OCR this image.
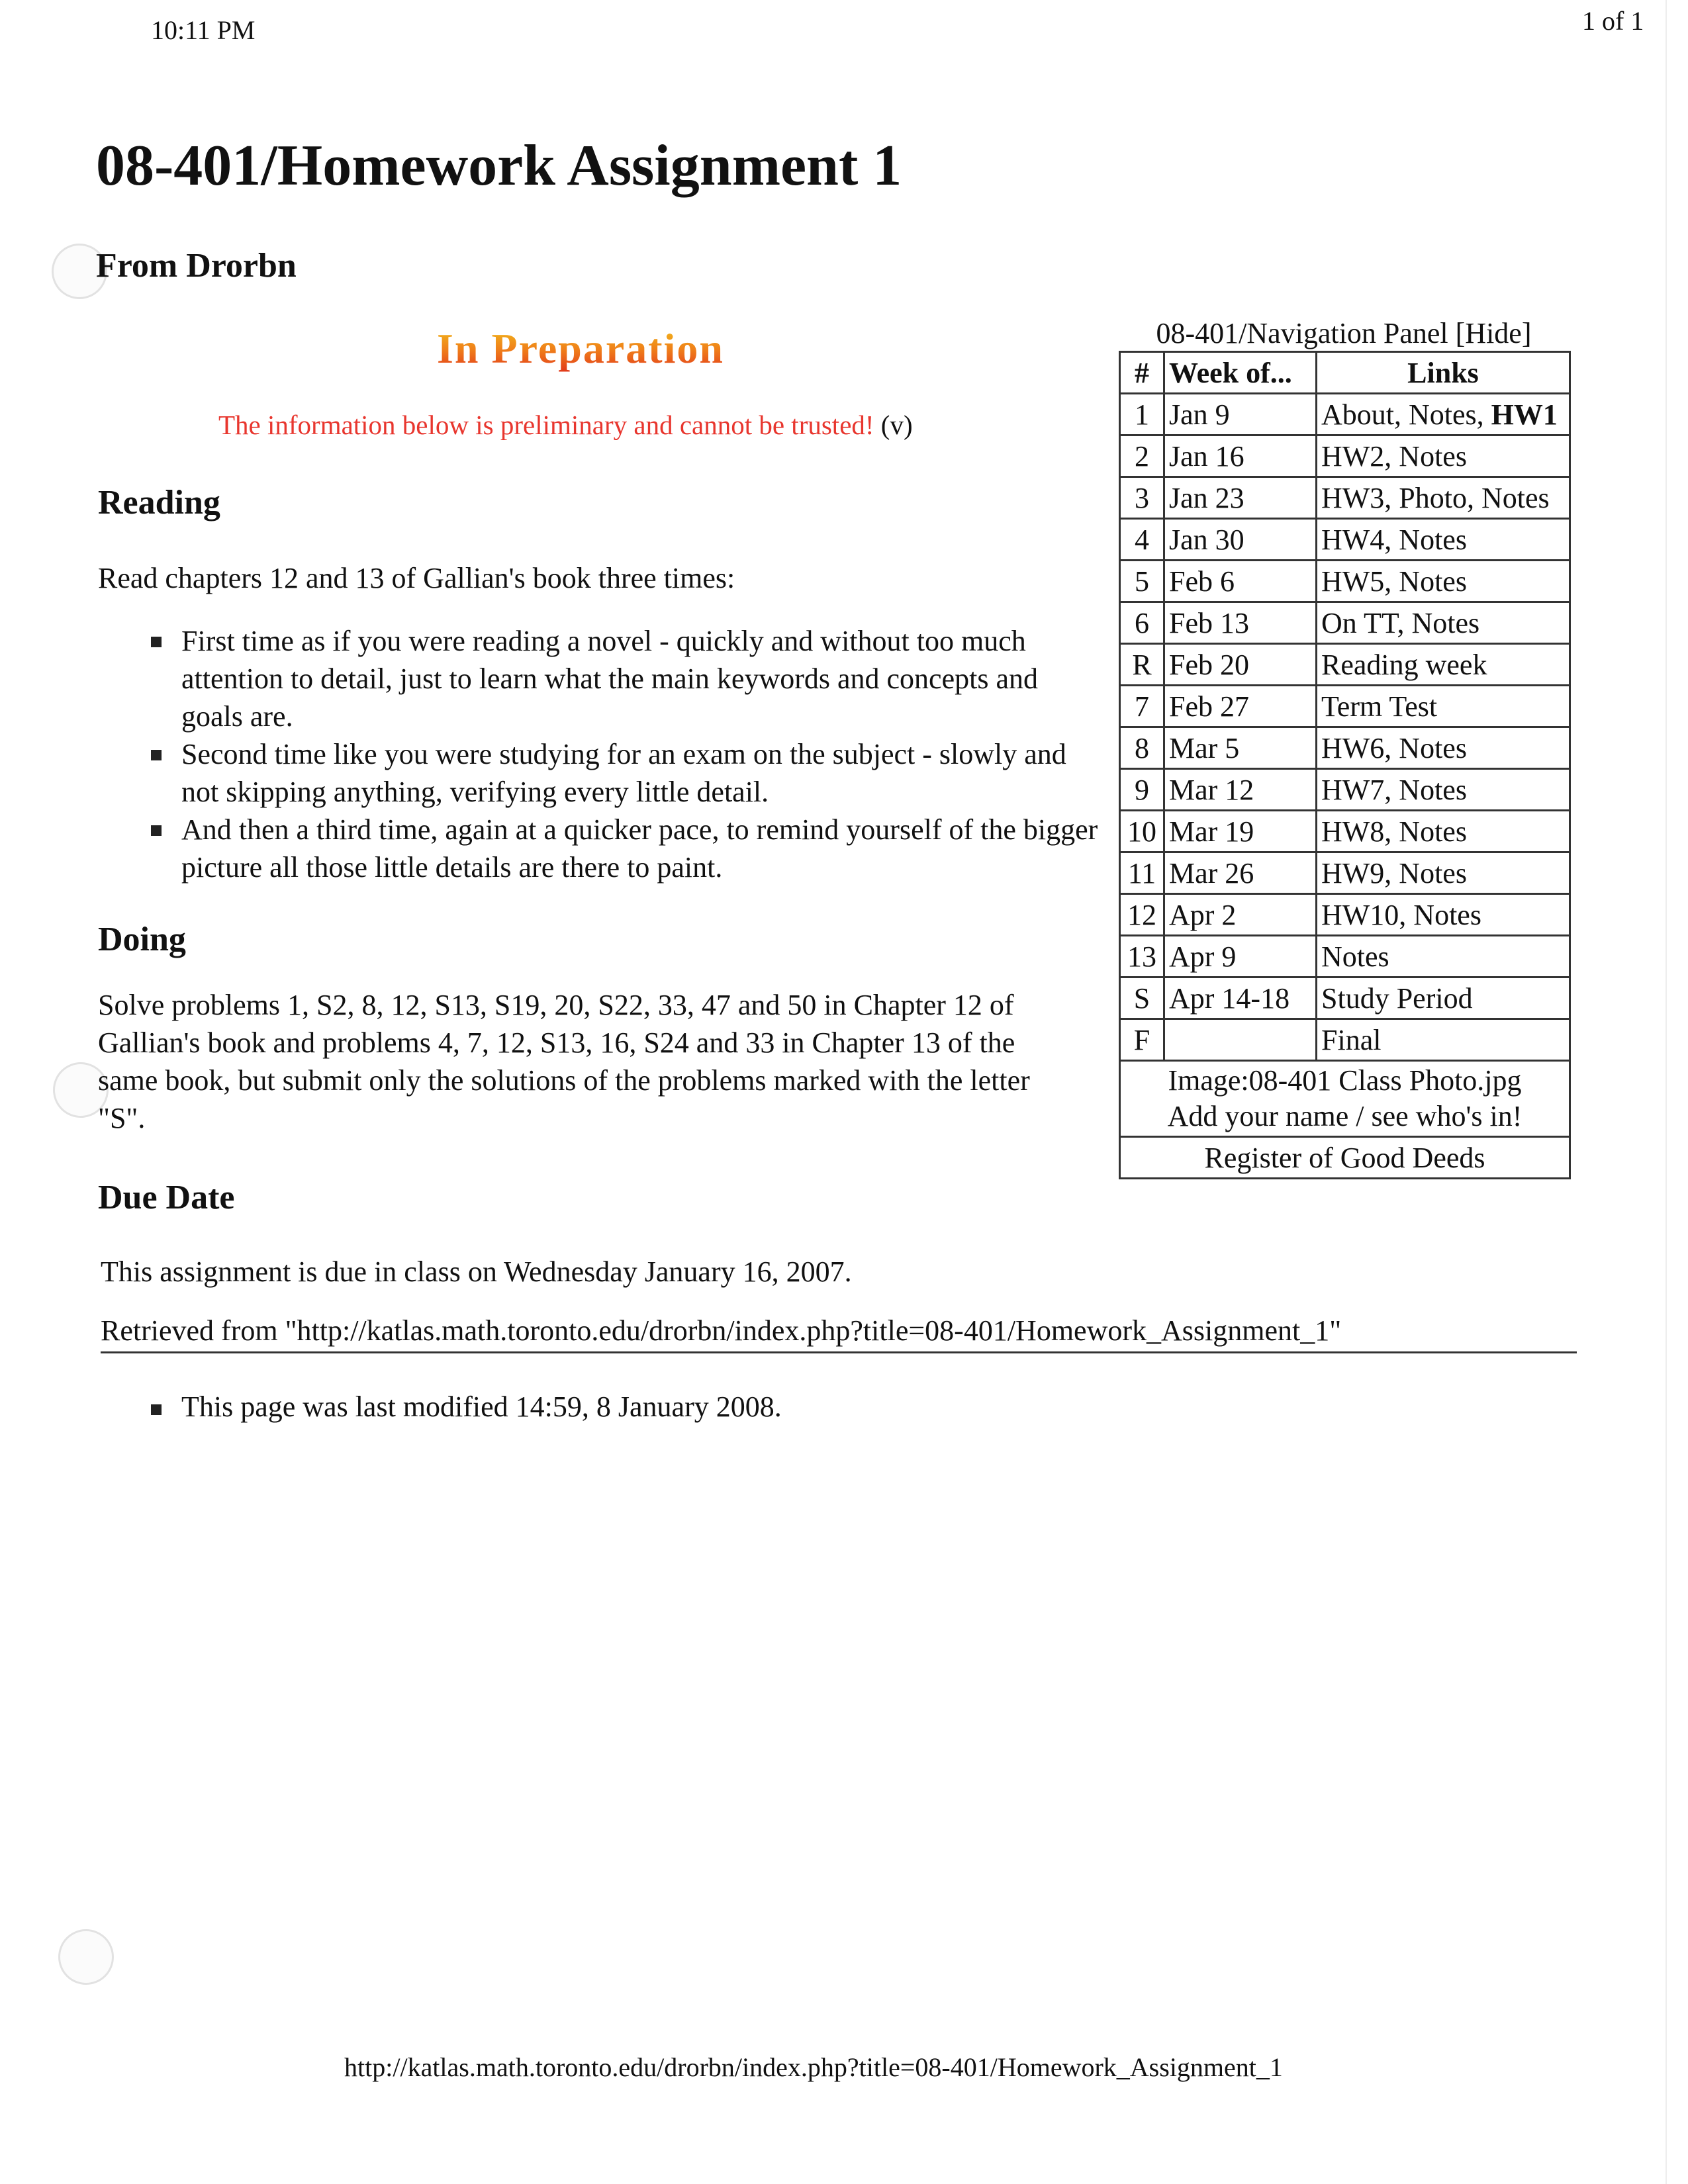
10:11 PM	1 of 1
08-401/Homework Assignment 1
From Drorbn
In Preparation
The information below is preliminary and cannot be trusted! (v)
Reading
Read chapters 12 and 13 of Gallian's book three times:
First time as if you were reading a novel - quickly and without too much attention to detail, just to learn what the main keywords and concepts and goals are.
Second time like you were studying for an exam on the subject - slowly and not skipping anything, verifying every little detail.
And then a third time, again at a quicker pace, to remind yourself of the bigger picture all those little details are there to paint.
Doing
Solve problems 1, S2, 8, 12, S13, S19, 20, S22, 33, 47 and 50 in Chapter 12 of Gallian's book and problems 4, 7, 12, S13, 16, S24 and 33 in Chapter 13 of the same book, but submit only the solutions of the problems marked with the letter "S".
Due Date
This assignment is due in class on Wednesday January 16, 2007.
08-401/Navigation Panel [Hide]
#	Week of...	Links
1	Jan 9	About, Notes, HW1
2	Jan 16	HW2, Notes
3	Jan 23	HW3, Photo, Notes
4	Jan 30	HW4, Notes
5	Feb 6	HW5, Notes
6	Feb 13	On TT, Notes
R	Feb 20	Reading week
7	Feb 27	Term Test
8	Mar 5	HW6, Notes
9	Mar 12	HW7, Notes
10	Mar 19	HW8, Notes
11	Mar 26	HW9, Notes
12	Apr 2	HW10, Notes
13	Apr 9	Notes
S	Apr 14-18	Study Period
F		Final
Image:08-401 Class Photo.jpg
Add your name / see who's in!		
Register of Good Deeds		
Retrieved from "http://katlas.math.toronto.edu/drorbn/index.php?title=08-401/Homework_Assignment_1"
This page was last modified 14:59, 8 January 2008.
http://katlas.math.toronto.edu/drorbn/index.php?title=08-401/Homework_Assignment_1
